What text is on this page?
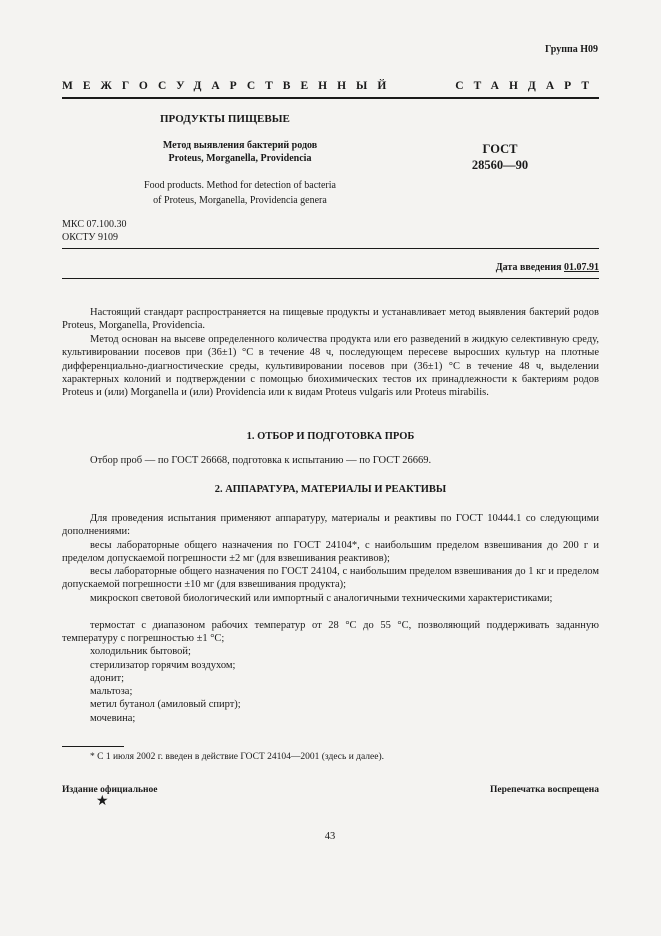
Группа Н09
МЕЖГОСУДАРСТВЕННЫЙ СТАНДАРТ
ПРОДУКТЫ ПИЩЕВЫЕ
Метод выявления бактерий родов
Proteus, Morganella, Providencia
Food products. Method for detection of bacteria
of Proteus, Morganella, Providencia genera
ГОСТ
28560—90
МКС 07.100.30
ОКСТУ 9109
Дата введения 01.07.91
Настоящий стандарт распространяется на пищевые продукты и устанавливает метод выявления бактерий родов Proteus, Morganella, Providencia.
Метод основан на высеве определенного количества продукта или его разведений в жидкую селективную среду, культивировании посевов при (36±1) °С в течение 48 ч, последующем пересеве выросших культур на плотные дифференциально-диагностические среды, культивировании посевов при (36±1) °С в течение 48 ч, выделении характерных колоний и подтверждении с помощью биохимических тестов их принадлежности к бактериям родов Proteus и (или) Morganella и (или) Providencia или к видам Proteus vulgaris или Proteus mirabilis.
1. ОТБОР И ПОДГОТОВКА ПРОБ
Отбор проб — по ГОСТ 26668, подготовка к испытанию — по ГОСТ 26669.
2. АППАРАТУРА, МАТЕРИАЛЫ И РЕАКТИВЫ
Для проведения испытания применяют аппаратуру, материалы и реактивы по ГОСТ 10444.1 со следующими дополнениями:
весы лабораторные общего назначения по ГОСТ 24104*, с наибольшим пределом взвешивания до 200 г и пределом допускаемой погрешности ±2 мг (для взвешивания реактивов);
весы лабораторные общего назначения по ГОСТ 24104, с наибольшим пределом взвешивания до 1 кг и пределом допускаемой погрешности ±10 мг (для взвешивания продукта);
микроскоп световой биологический или импортный с аналогичными техническими характеристиками;
термостат с диапазоном рабочих температур от 28 °С до 55 °С, позволяющий поддерживать заданную температуру с погрешностью ±1 °С;
холодильник бытовой;
стерилизатор горячим воздухом;
адонит;
мальтоза;
метил бутанол (амиловый спирт);
мочевина;
* С 1 июля 2002 г. введен в действие ГОСТ 24104—2001 (здесь и далее).
Издание официальное
★
Перепечатка воспрещена
43
